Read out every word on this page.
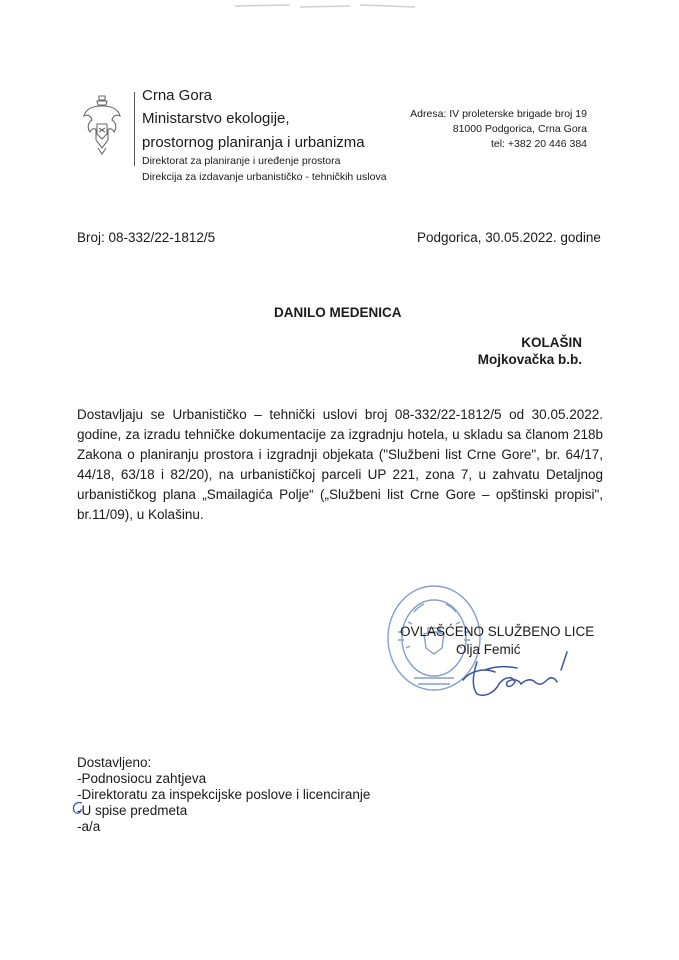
Crna Gora
Ministarstvo ekologije,
prostornog planiranja i urbanizma
Direktorat za planiranje i uređenje prostora
Direkcija za izdavanje urbanističko - tehničkih uslova
Adresa: IV proleterske brigade broj 19
81000 Podgorica, Crna Gora
tel: +382 20 446 384
Broj: 08-332/22-1812/5	Podgorica, 30.05.2022. godine
DANILO MEDENICA
KOLAŠIN
Mojkovačka b.b.
Dostavljaju se Urbanističko – tehnički uslovi broj 08-332/22-1812/5 od 30.05.2022. godine, za izradu tehničke dokumentacije za izgradnju hotela, u skladu sa članom 218b Zakona o planiranju prostora i izgradnji objekata ("Službeni list Crne Gore", br. 64/17, 44/18, 63/18 i 82/20), na urbanističkoj parceli UP 221, zona 7, u zahvatu Detaljnog urbanističkog plana „Smailagića Polje“ („Službeni list Crne Gore – opštinski propisi", br.11/09), u Kolašinu.
OVLAŠĆENO SLUŽBENO LICE
Olja Femić
Dostavljeno:
-Podnosiocu zahtjeva
-Direktoratu za inspekcijske poslove i licenciranje
-U spise predmeta
-a/a
